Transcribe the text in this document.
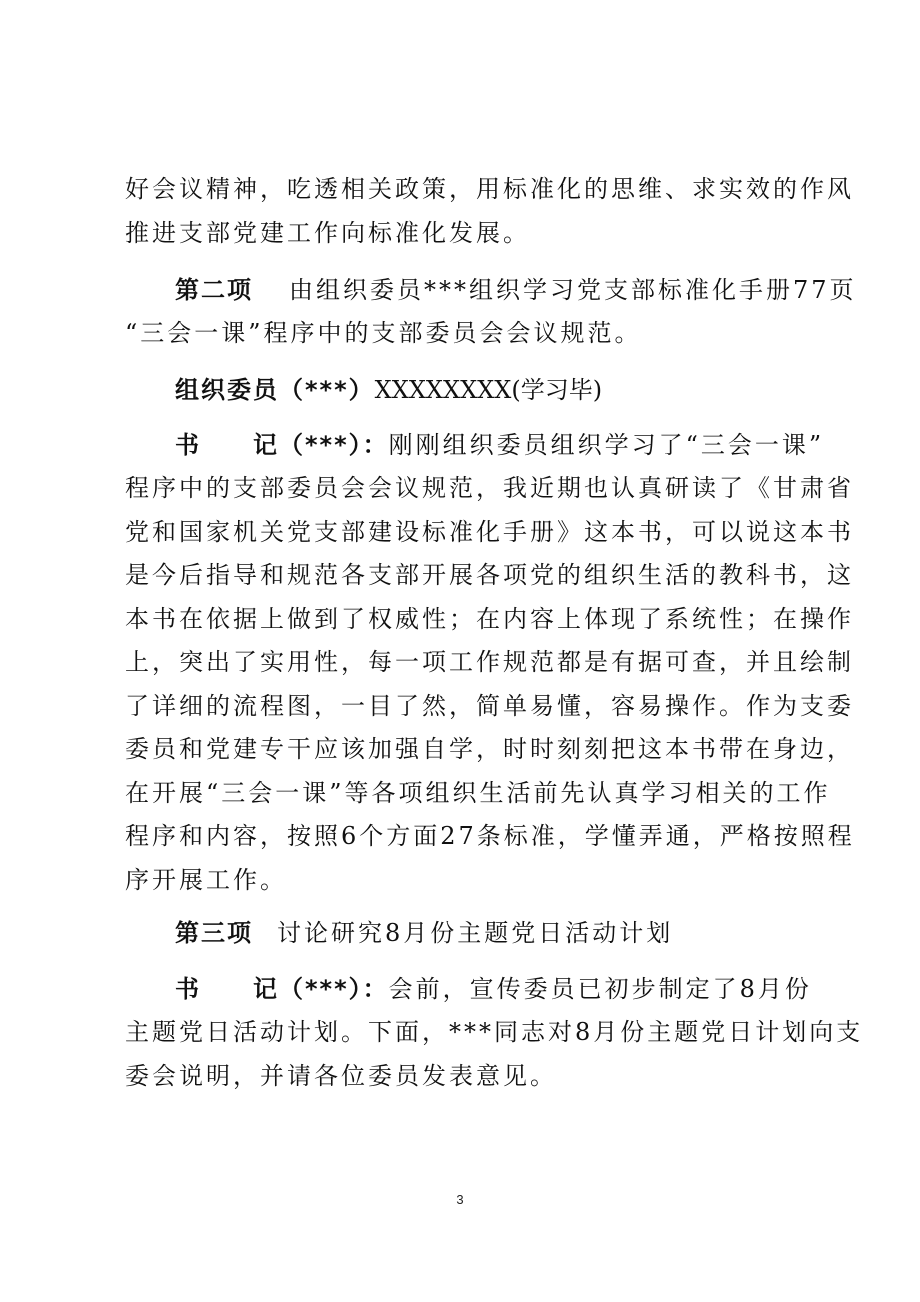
好会议精神，吃透相关政策，用标准化的思维、求实效的作风
推进支部党建工作向标准化发展。
第二项 由组织委员***组织学习党支部标准化手册77页
“三会一课”程序中的支部委员会会议规范。
组织委员（***）XXXXXXXX(学习毕)
书　　记（***）：刚刚组织委员组织学习了“三会一课”
程序中的支部委员会会议规范，我近期也认真研读了《甘肃省
党和国家机关党支部建设标准化手册》这本书，可以说这本书
是今后指导和规范各支部开展各项党的组织生活的教科书，这
本书在依据上做到了权威性；在内容上体现了系统性；在操作
上，突出了实用性，每一项工作规范都是有据可查，并且绘制
了详细的流程图，一目了然，简单易懂，容易操作。作为支委
委员和党建专干应该加强自学，时时刻刻把这本书带在身边，
在开展“三会一课”等各项组织生活前先认真学习相关的工作
程序和内容，按照6个方面27条标准，学懂弄通，严格按照程
序开展工作。
第三项 讨论研究8月份主题党日活动计划
书　　记（***）：会前，宣传委员已初步制定了8月份
主题党日活动计划。下面，***同志对8月份主题党日计划向支
委会说明，并请各位委员发表意见。
3
